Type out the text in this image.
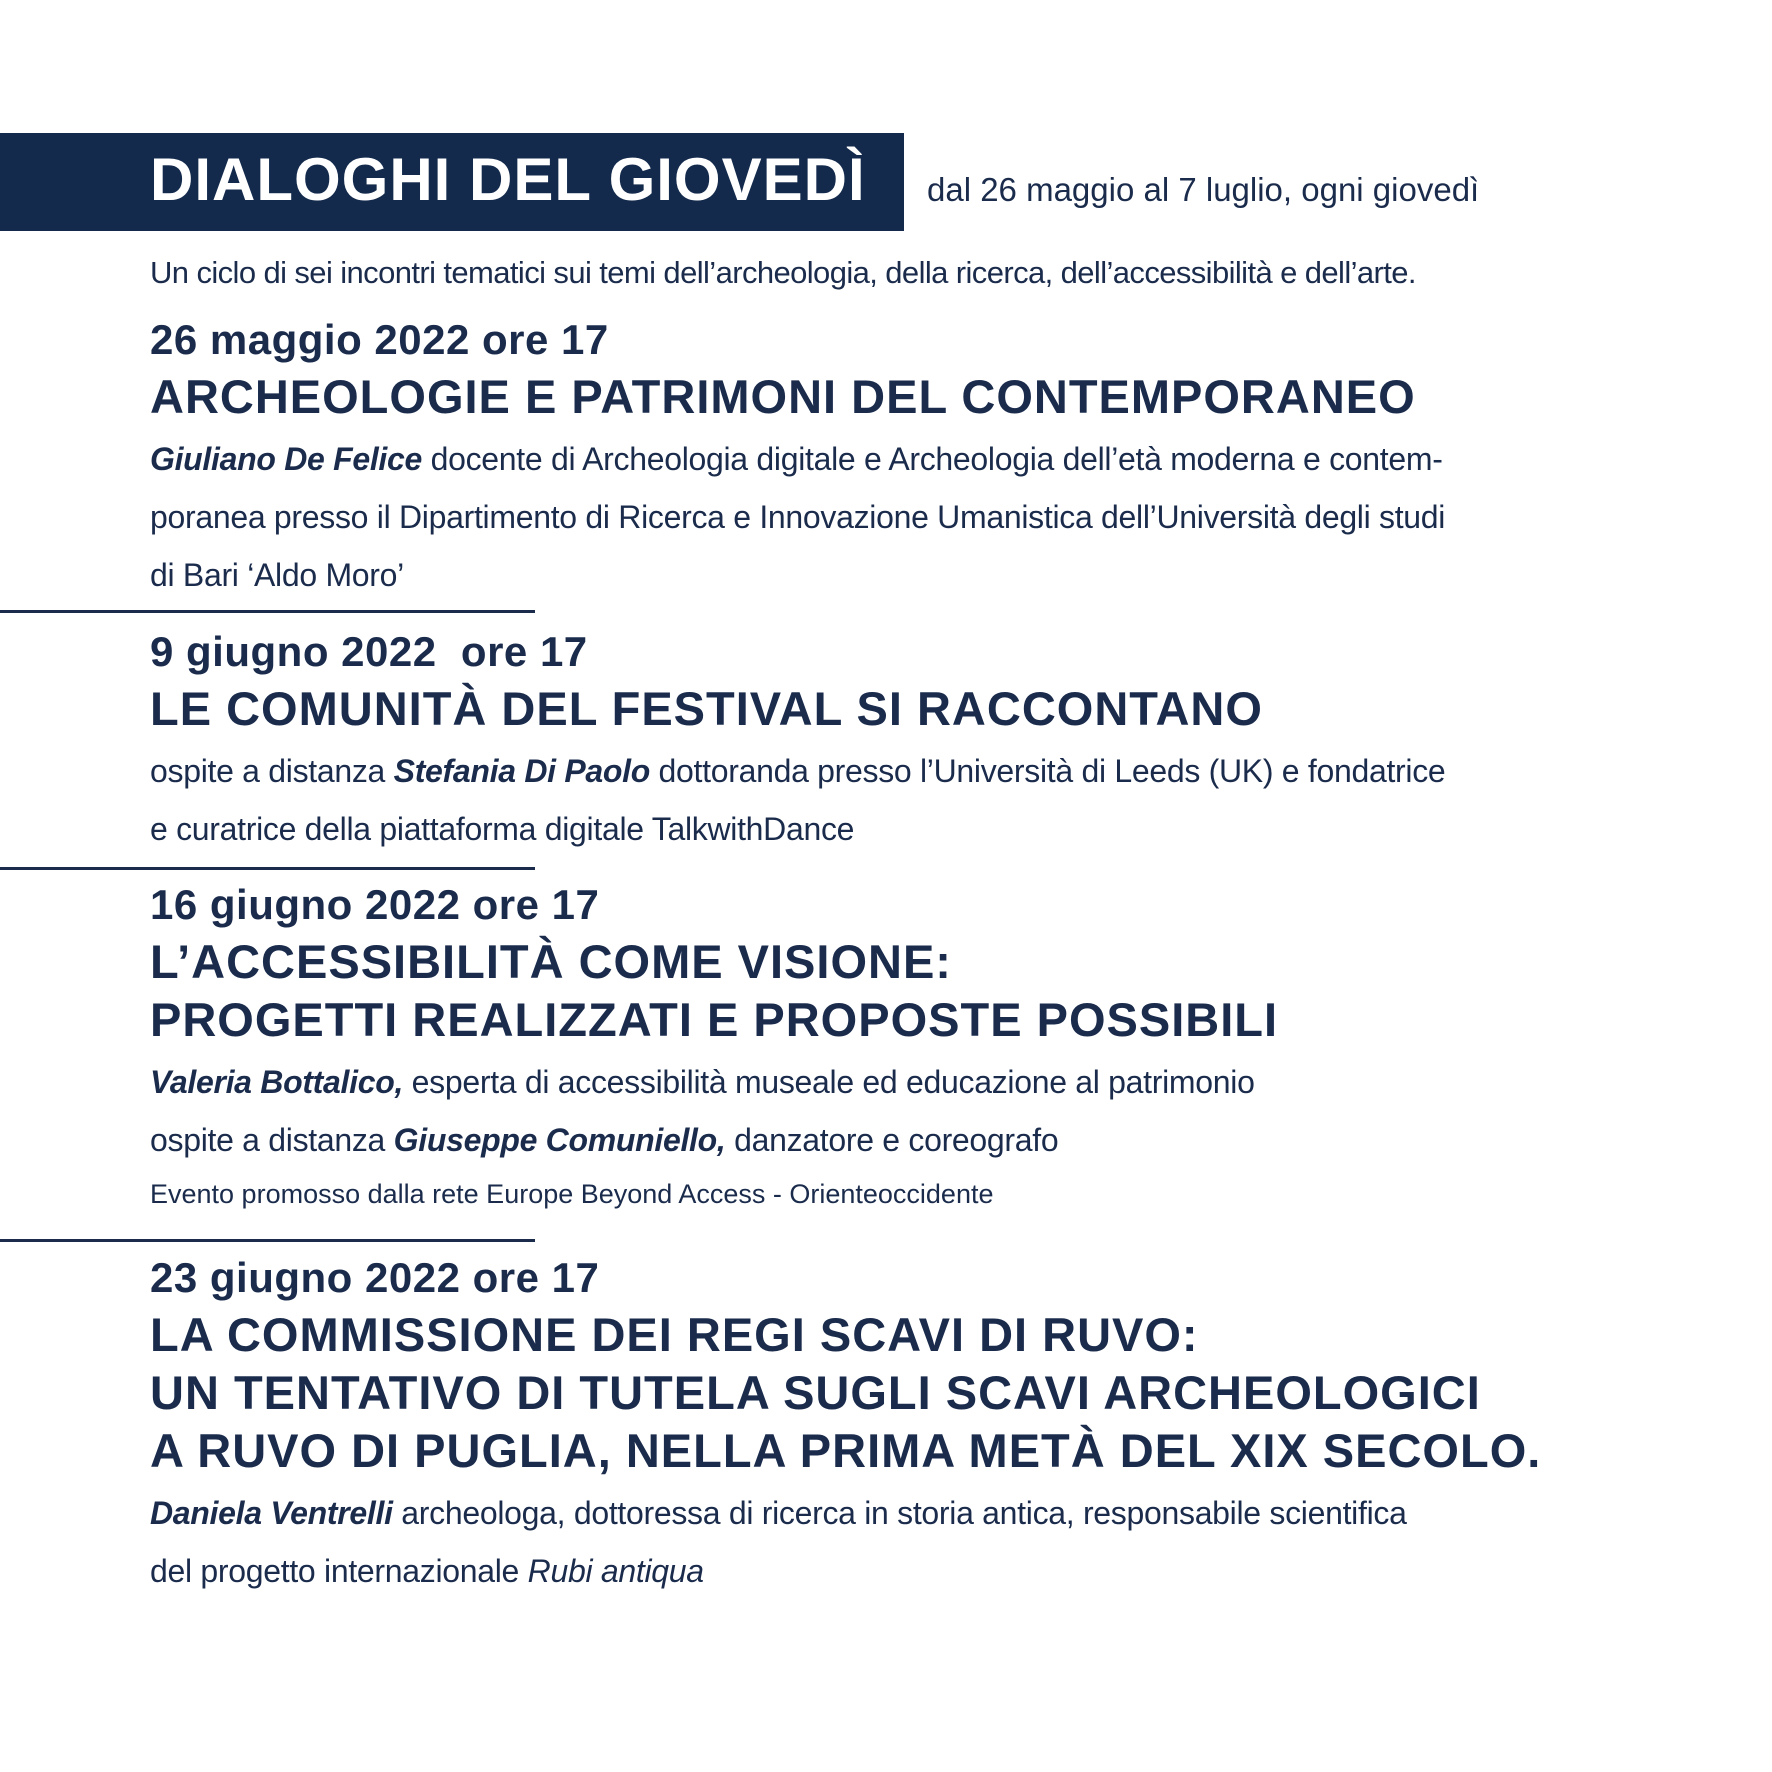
DIALOGHI DEL GIOVEDÌ dal 26 maggio al 7 luglio, ogni giovedì
Un ciclo di sei incontri tematici sui temi dell’archeologia, della ricerca, dell’accessibilità e dell’arte.
26 maggio 2022 ore 17
ARCHEOLOGIE E PATRIMONI DEL CONTEMPORANEO
Giuliano De Felice docente di Archeologia digitale e Archeologia dell’età moderna e contem-
poranea presso il Dipartimento di Ricerca e Innovazione Umanistica dell’Università degli studi
di Bari ‘Aldo Moro’
9 giugno 2022  ore 17
LE COMUNITÀ DEL FESTIVAL SI RACCONTANO
ospite a distanza Stefania Di Paolo dottoranda presso l’Università di Leeds (UK) e fondatrice
e curatrice della piattaforma digitale TalkwithDance
16 giugno 2022 ore 17
L’ACCESSIBILITÀ COME VISIONE:
PROGETTI REALIZZATI E PROPOSTE POSSIBILI
Valeria Bottalico, esperta di accessibilità museale ed educazione al patrimonio
ospite a distanza Giuseppe Comuniello, danzatore e coreografo
Evento promosso dalla rete Europe Beyond Access - Orienteoccidente
23 giugno 2022 ore 17
LA COMMISSIONE DEI REGI SCAVI DI RUVO:
UN TENTATIVO DI TUTELA SUGLI SCAVI ARCHEOLOGICI
A RUVO DI PUGLIA, NELLA PRIMA METÀ DEL XIX SECOLO.
Daniela Ventrelli archeologa, dottoressa di ricerca in storia antica, responsabile scientifica
del progetto internazionale Rubi antiqua
